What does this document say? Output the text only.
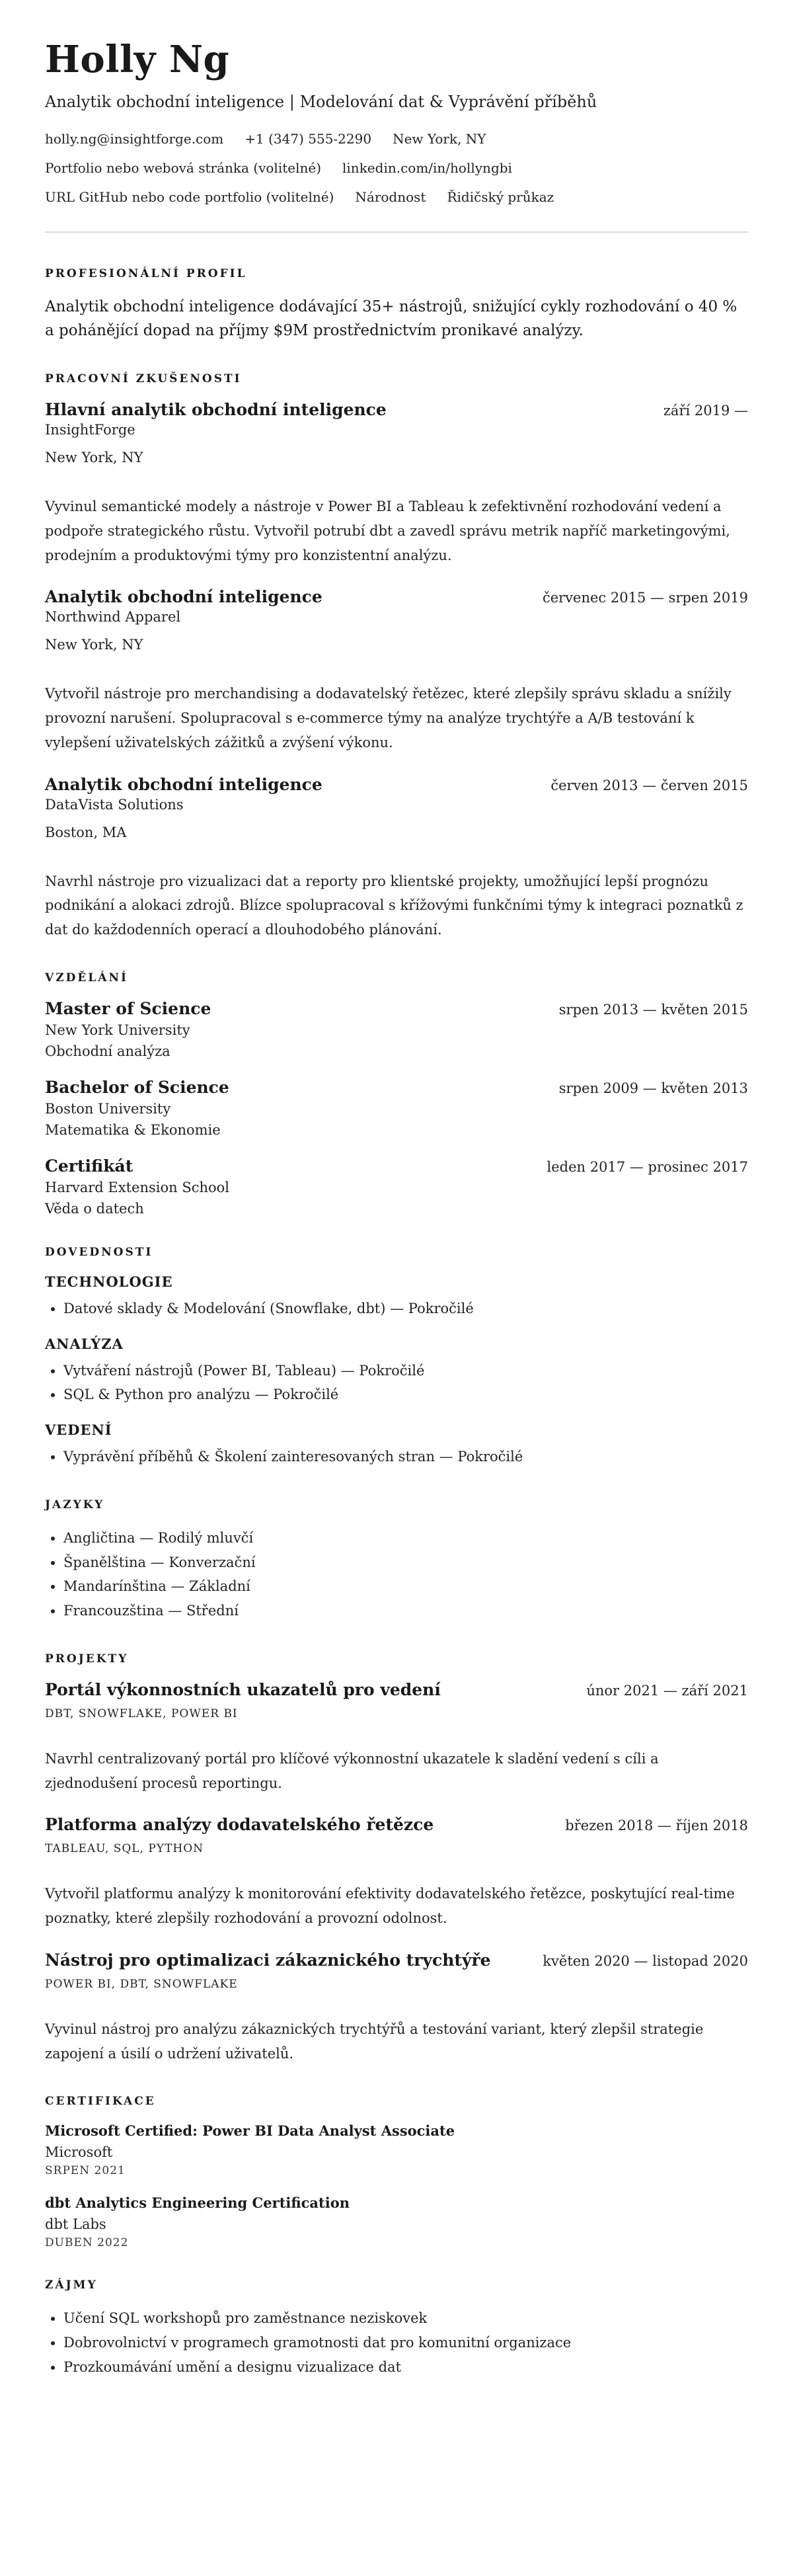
Holly Ng

Analytik obchodní inteligence | Modelování dat & Vyprávění příběhů

holly.ng@insightforge.com +1 (347) 555-2290 New York, NY
Portfolio nebo webová stránka (volitelné) linkedin.com/in/hollyngbi
URL GitHub nebo code portfolio (volitelné) Národnost Řidičský průkaz
PROFESIONÁLNÍ PROFIL

Analytik obchodní inteligence dodávající 35+ nástrojů, snižující cykly rozhodování o 40 % a pohánějící dopad na příjmy $9M prostřednictvím pronikavé analýzy.

PRACOVNÍ ZKUŠENOSTI
Hlavní analytik obchodní inteligence	září 2019 —

InsightForge

New York, NY

Vyvinul semantické modely a nástroje v Power BI a Tableau k zefektivnění rozhodování vedení a podpoře strategického růstu. Vytvořil potrubí dbt a zavedl správu metrik napříč marketingovými, prodejním a produktovými týmy pro konzistentní analýzu.

Analytik obchodní inteligence	červenec 2015 — srpen 2019

Northwind Apparel

New York, NY

Vytvořil nástroje pro merchandising a dodavatelský řetězec, které zlepšily správu skladu a snížily provozní narušení. Spolupracoval s e-commerce týmy na analýze trychtýře a A/B testování k vylepšení uživatelských zážitků a zvýšení výkonu.

Analytik obchodní inteligence	červen 2013 — červen 2015

DataVista Solutions

Boston, MA

Navrhl nástroje pro vizualizaci dat a reporty pro klientské projekty, umožňující lepší prognózu podnikání a alokaci zdrojů. Blízce spolupracoval s křížovými funkčními týmy k integraci poznatků z dat do každodenních operací a dlouhodobého plánování.

VZDĚLÁNÍ
Master of Science	srpen 2013 — květen 2015

New York University

Obchodní analýza

Bachelor of Science	srpen 2009 — květen 2013

Boston University

Matematika & Ekonomie

Certifikát	leden 2017 — prosinec 2017

Harvard Extension School

Věda o datech

DOVEDNOSTI
TECHNOLOGIE
• Datové sklady & Modelování (Snowflake, dbt) — Pokročilé
ANALÝZA
• Vytváření nástrojů (Power BI, Tableau) — Pokročilé
• SQL & Python pro analýzu — Pokročilé
VEDENÍ
• Vyprávění příběhů & Školení zainteresovaných stran — Pokročilé
JAZYKY
• Angličtina — Rodilý mluvčí
• Španělština — Konverzační
• Mandarínština — Základní
• Francouzština — Střední
PROJEKTY
Portál výkonnostních ukazatelů pro vedení	únor 2021 — září 2021

DBT, SNOWFLAKE, POWER BI

Navrhl centralizovaný portál pro klíčové výkonnostní ukazatele k sladění vedení s cíli a zjednodušení procesů reportingu.

Platforma analýzy dodavatelského řetězce	březen 2018 — říjen 2018

TABLEAU, SQL, PYTHON

Vytvořil platformu analýzy k monitorování efektivity dodavatelského řetězce, poskytující real-time poznatky, které zlepšily rozhodování a provozní odolnost.

Nástroj pro optimalizaci zákaznického trychtýře	květen 2020 — listopad 2020

POWER BI, DBT, SNOWFLAKE

Vyvinul nástroj pro analýzu zákaznických trychtýřů a testování variant, který zlepšil strategie zapojení a úsilí o udržení uživatelů.

CERTIFIKACE

Microsoft Certified: Power BI Data Analyst Associate

Microsoft

SRPEN 2021

dbt Analytics Engineering Certification

dbt Labs

DUBEN 2022

ZÁJMY
• Učení SQL workshopů pro zaměstnance neziskovek
• Dobrovolnictví v programech gramotnosti dat pro komunitní organizace
• Prozkoumávání umění a designu vizualizace dat
